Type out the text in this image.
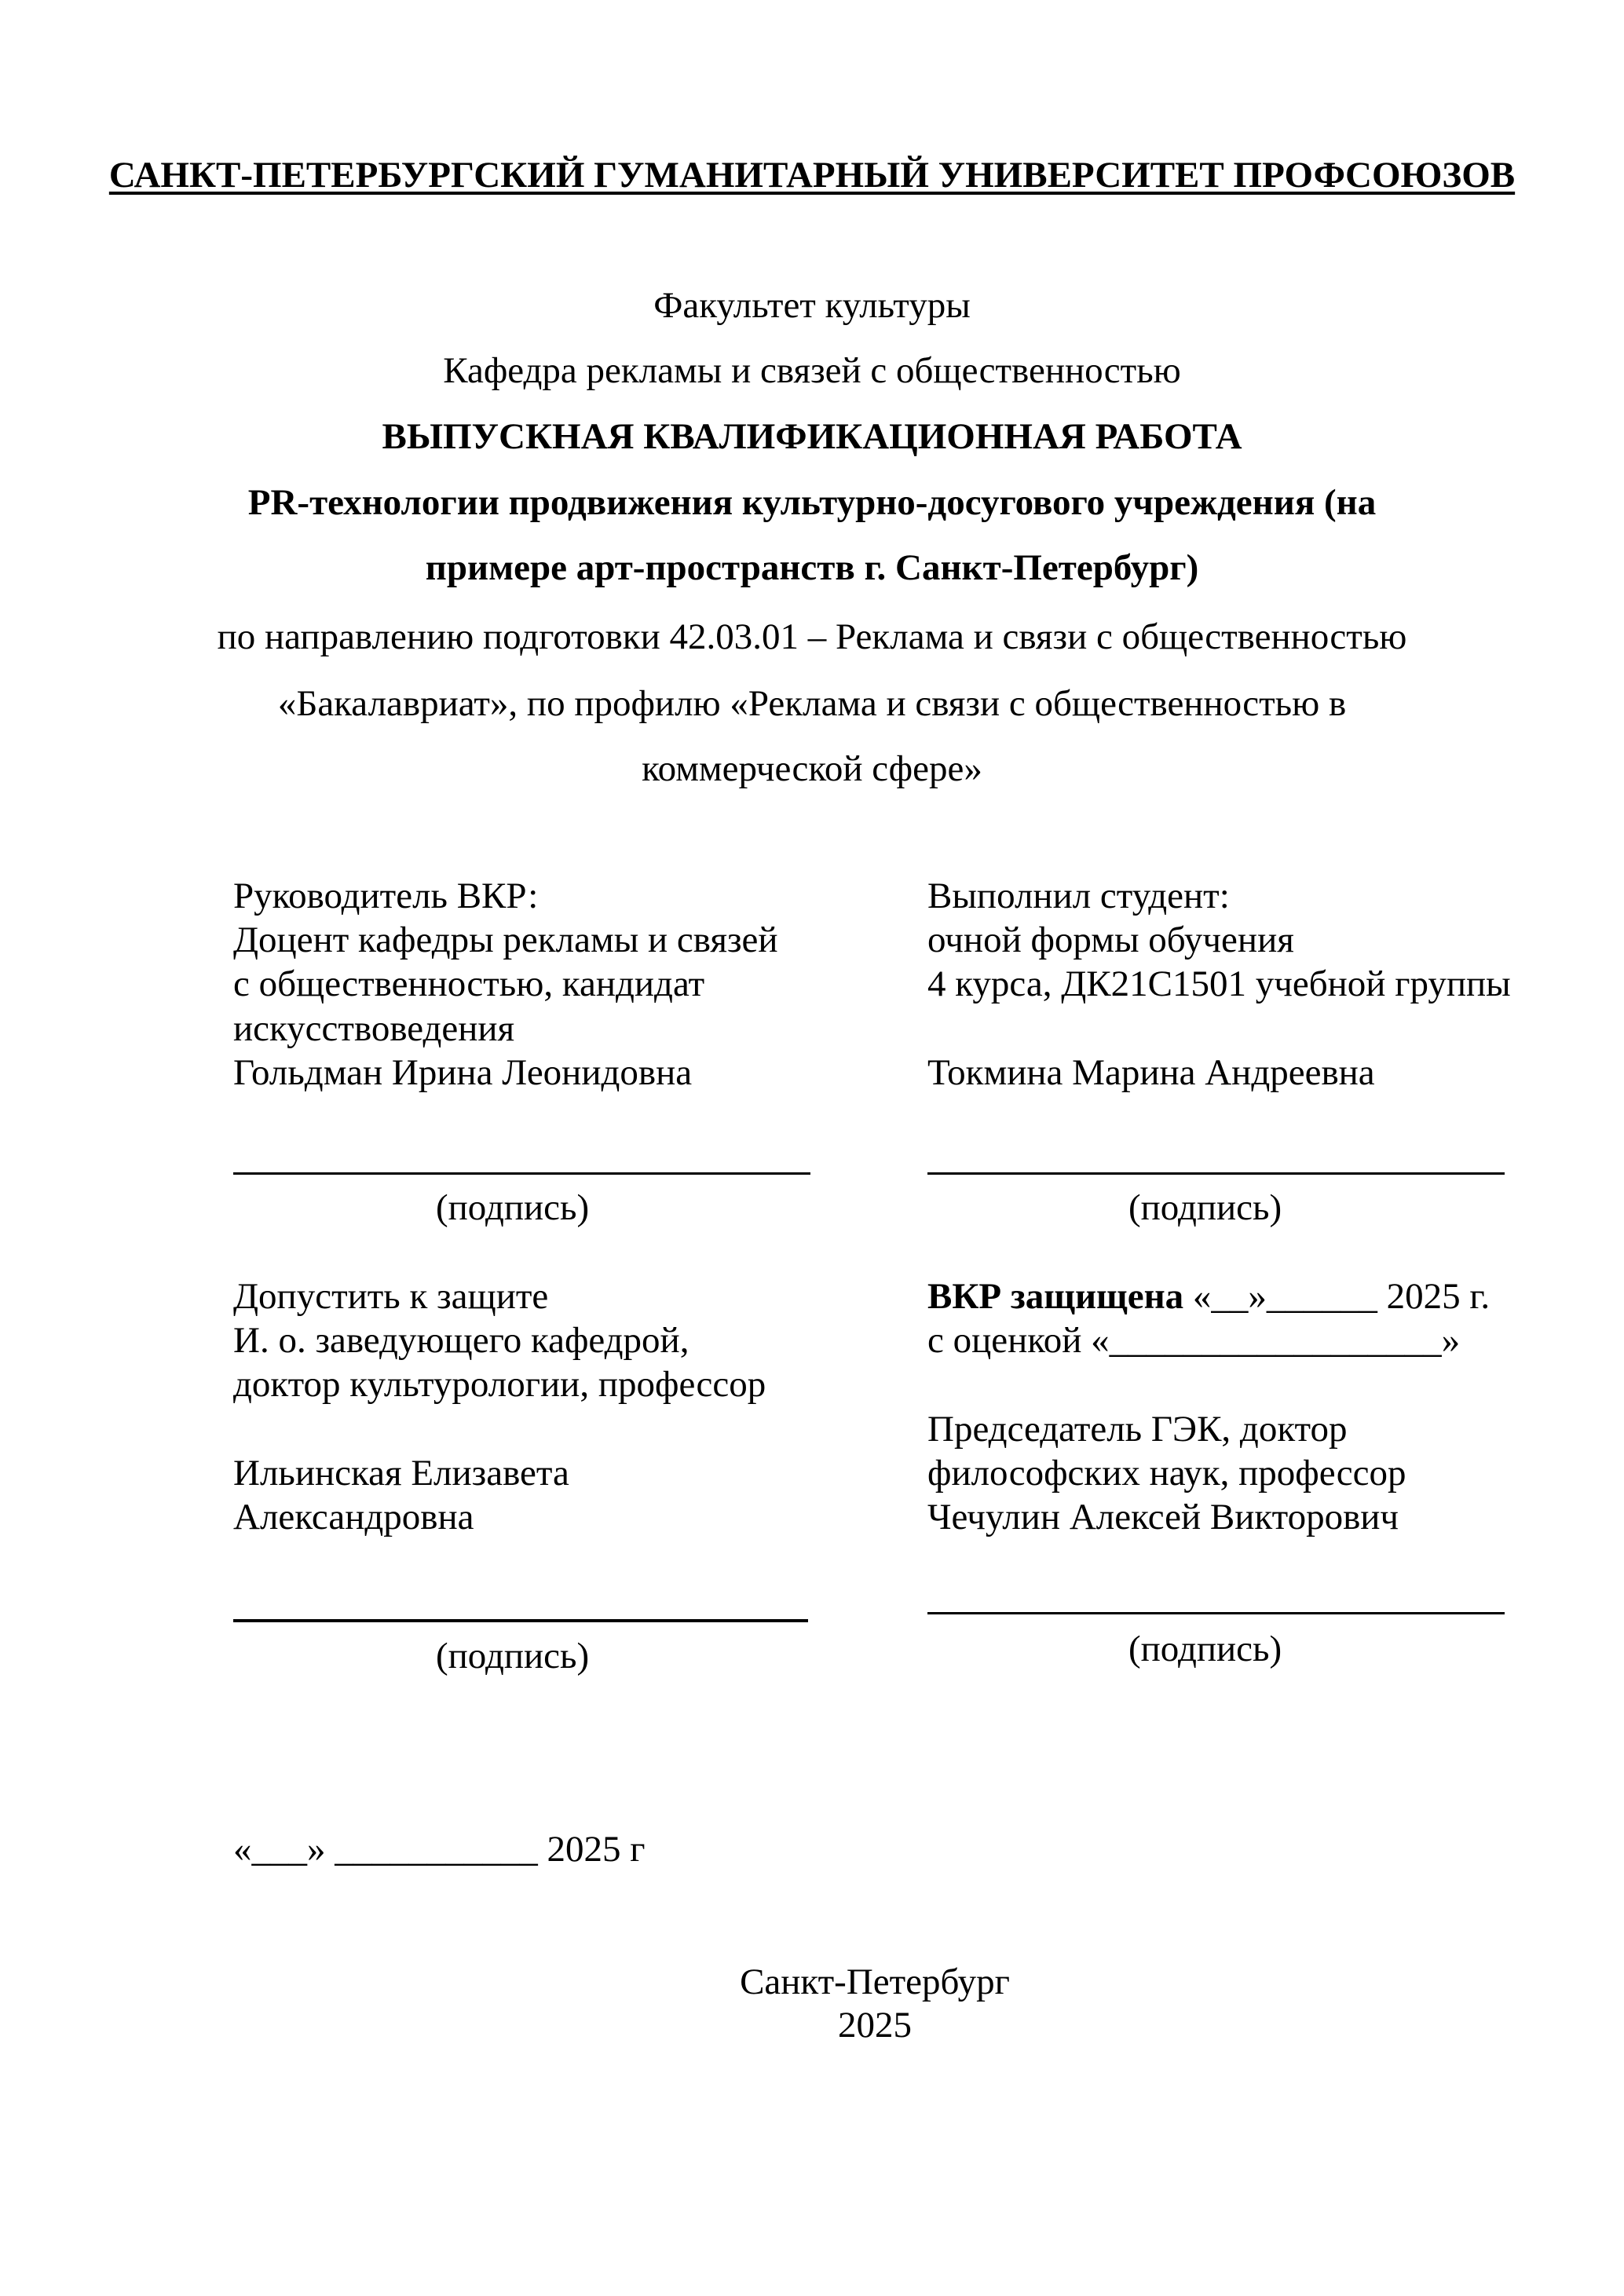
САНКТ-ПЕТЕРБУРГСКИЙ ГУМАНИТАРНЫЙ УНИВЕРСИТЕТ ПРОФСОЮЗОВ
Факультет культуры
Кафедра рекламы и связей с общественностью
ВЫПУСКНАЯ КВАЛИФИКАЦИОННАЯ РАБОТА
PR-технологии продвижения культурно-досугового учреждения (на
примере арт-пространств г. Санкт-Петербург)
по направлению подготовки 42.03.01 – Реклама и связи с общественностью
«Бакалавриат», по профилю «Реклама и связи с общественностью в
коммерческой сфере»
Руководитель ВКР:
Доцент кафедры рекламы и связей
с общественностью, кандидат
искусствоведения
Гольдман Ирина Леонидовна
(подпись)
Выполнил студент:
очной формы обучения
4 курса, ДК21С1501 учебной группы
Токмина Марина Андреевна
(подпись)
Допустить к защите
И. о. заведующего кафедрой,
доктор культурологии, профессор
Ильинская Елизавета
Александровна
(подпись)
ВКР защищена «__»______ 2025 г.
с оценкой «__________________»
Председатель ГЭК, доктор
философских наук, профессор
Чечулин Алексей Викторович
(подпись)
«___» ___________ 2025 г
Санкт-Петербург
2025
